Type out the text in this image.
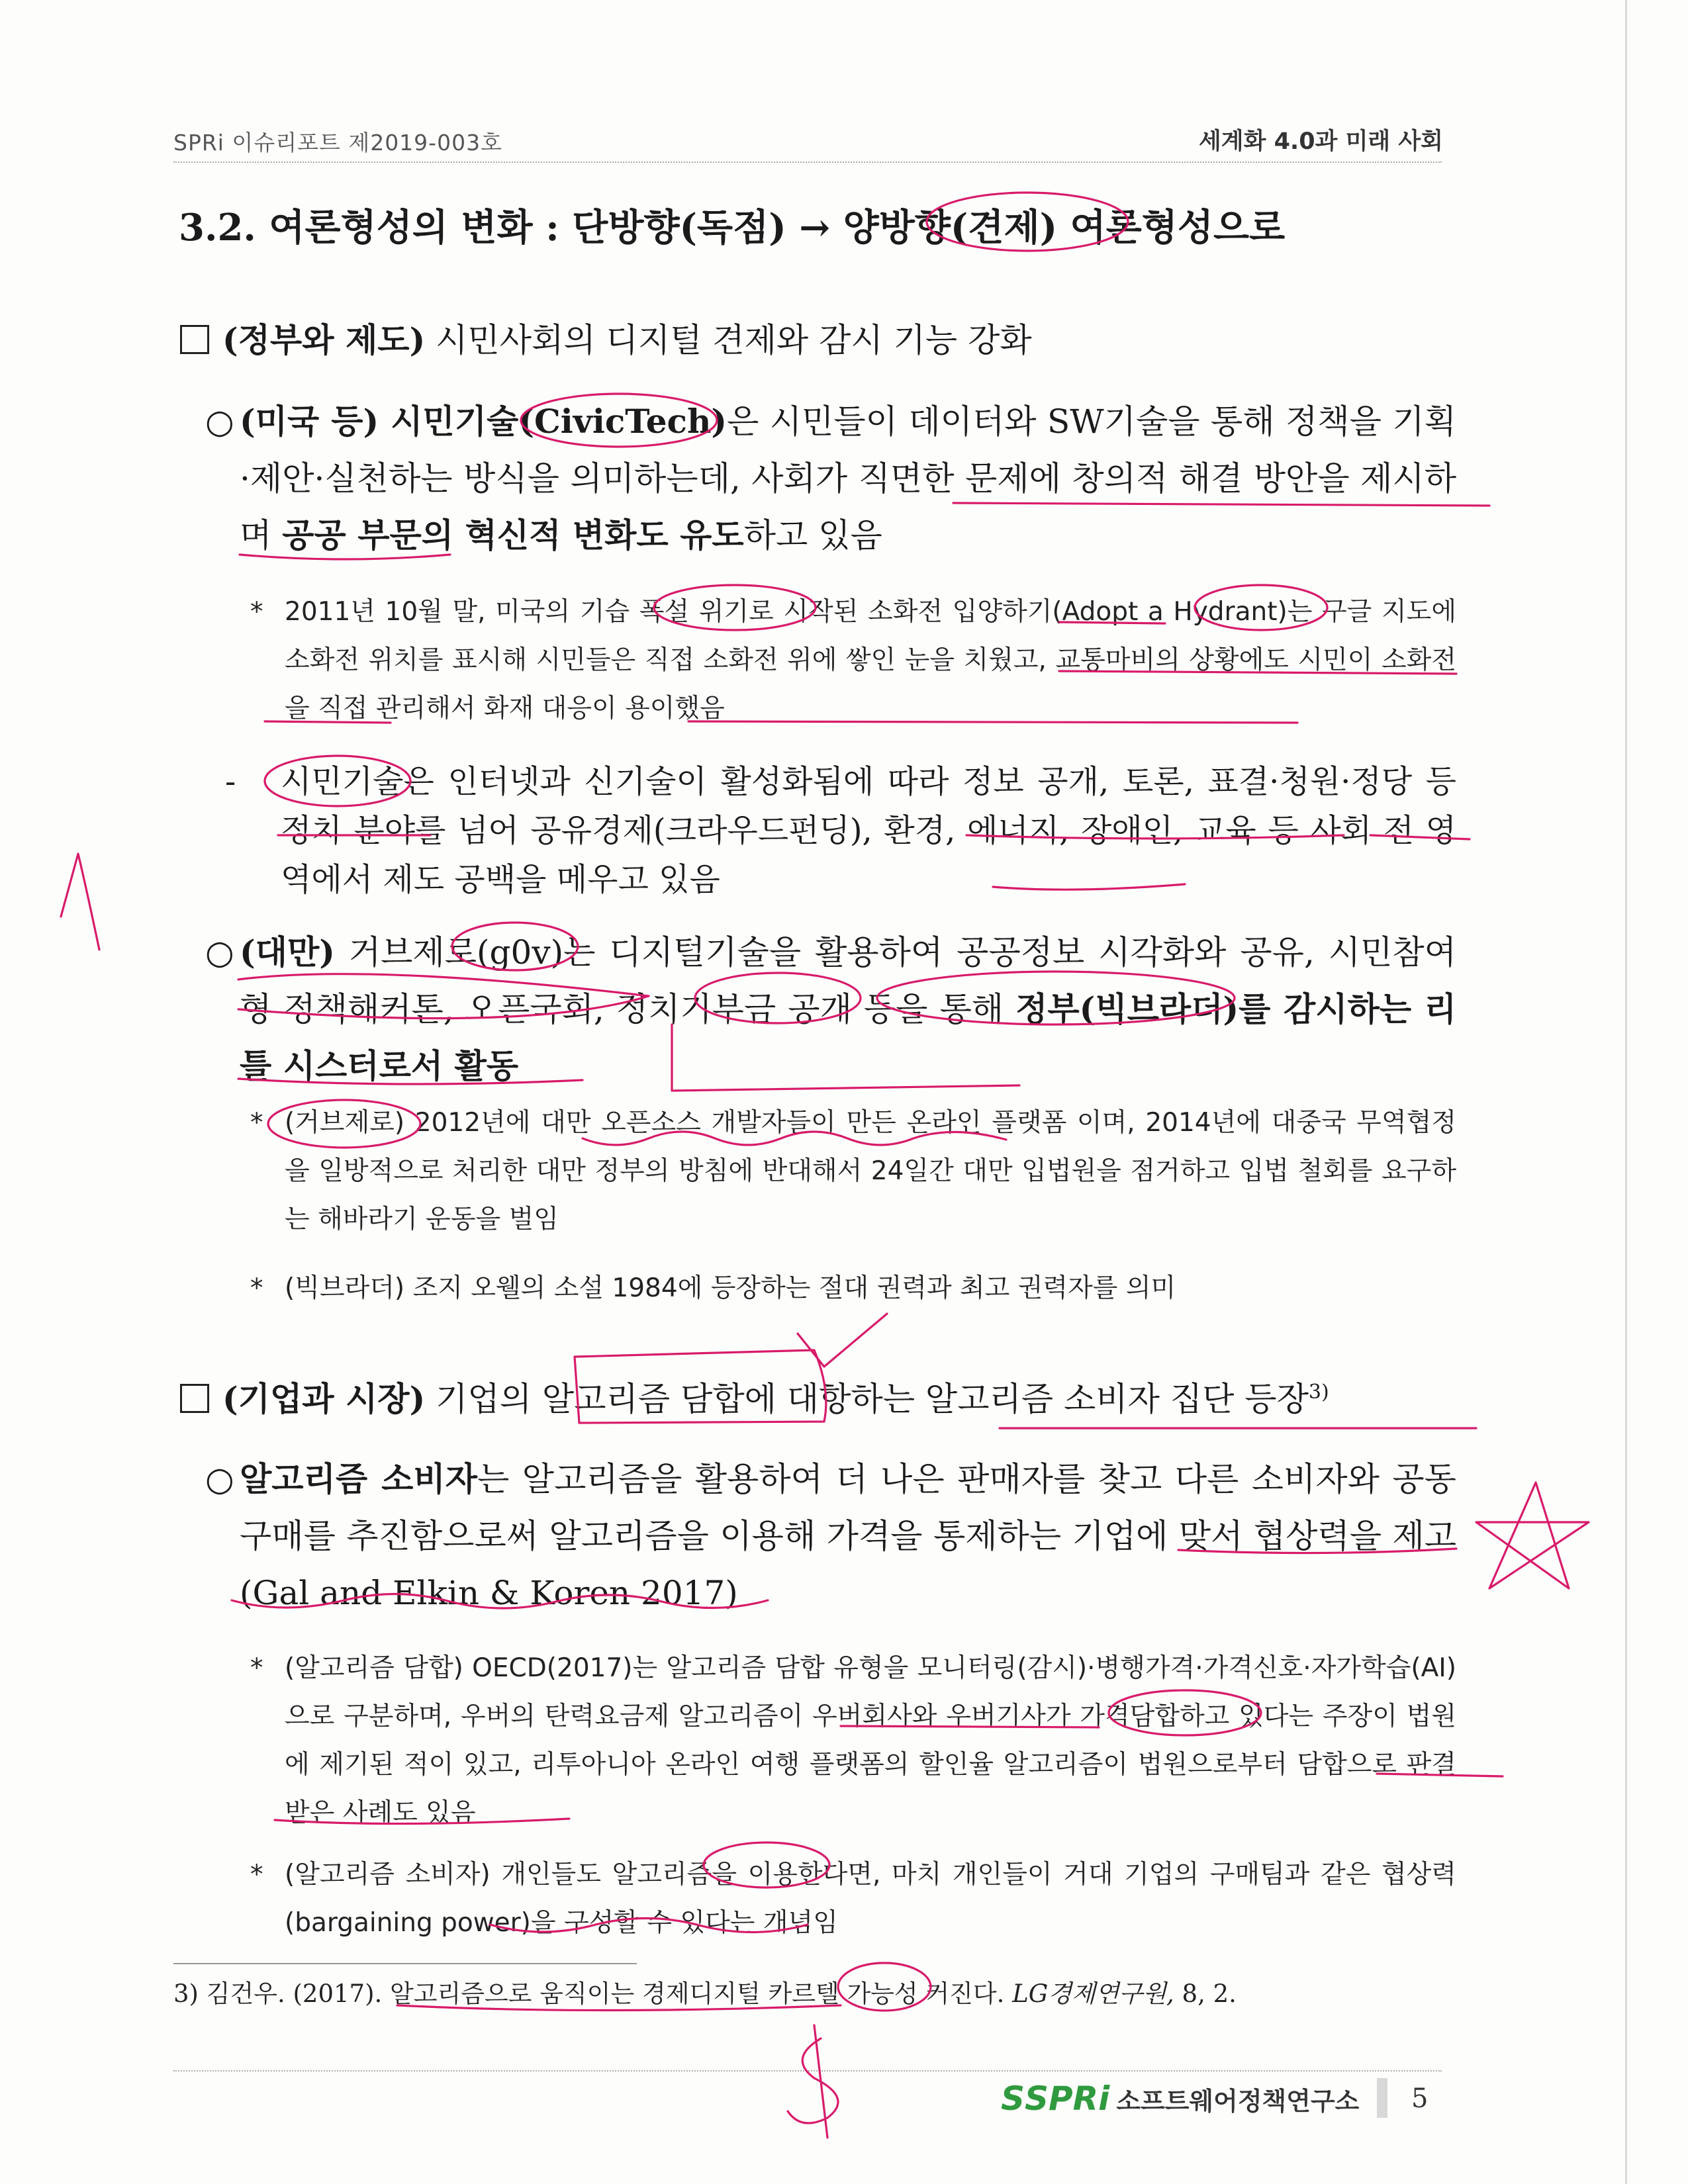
SPRi 이슈리포트 제2019-003호	세계화 4.0과 미래 사회
3.2. 여론형성의 변화 : 단방향(독점) → 양방향(견제) 여론형성으로
(정부와 제도) 시민사회의 디지털 견제와 감시 기능 강화
○ (미국 등) 시민기술(CivicTech)은 시민들이 데이터와 SW기술을 통해 정책을 기획·제안·실천하는 방식을 의미하는데, 사회가 직면한 문제에 창의적 해결 방안을 제시하며 공공 부문의 혁신적 변화도 유도하고 있음
* 2011년 10월 말, 미국의 기습 폭설 위기로 시작된 소화전 입양하기(Adopt a Hydrant)는 구글 지도에 소화전 위치를 표시해 시민들은 직접 소화전 위에 쌓인 눈을 치웠고, 교통마비의 상황에도 시민이 소화전을 직접 관리해서 화재 대응이 용이했음
- 시민기술은 인터넷과 신기술이 활성화됨에 따라 정보 공개, 토론, 표결·청원·정당 등 정치 분야를 넘어 공유경제(크라우드펀딩), 환경, 에너지, 장애인, 교육 등 사회 전 영역에서 제도 공백을 메우고 있음
○ (대만) 거브제로(g0v)는 디지털기술을 활용하여 공공정보 시각화와 공유, 시민참여형 정책해커톤, 오픈국회, 정치기부금 공개 등을 통해 정부(빅브라더)를 감시하는 리틀 시스터로서 활동
* (거브제로) 2012년에 대만 오픈소스 개발자들이 만든 온라인 플랫폼 이며, 2014년에 대중국 무역협정을 일방적으로 처리한 대만 정부의 방침에 반대해서 24일간 대만 입법원을 점거하고 입법 철회를 요구하는 해바라기 운동을 벌임
* (빅브라더) 조지 오웰의 소설 1984에 등장하는 절대 권력과 최고 권력자를 의미
(기업과 시장) 기업의 알고리즘 담합에 대항하는 알고리즘 소비자 집단 등장$^{3)}$
○ 알고리즘 소비자는 알고리즘을 활용하여 더 나은 판매자를 찾고 다른 소비자와 공동구매를 추진함으로써 알고리즘을 이용해 가격을 통제하는 기업에 맞서 협상력을 제고(Gal and Elkin & Koren 2017)
* (알고리즘 담합) OECD(2017)는 알고리즘 담합 유형을 모니터링(감시)·병행가격·가격신호·자가학습(AI)으로 구분하며, 우버의 탄력요금제 알고리즘이 우버회사와 우버기사가 가격담합하고 있다는 주장이 법원에 제기된 적이 있고, 리투아니아 온라인 여행 플랫폼의 할인율 알고리즘이 법원으로부터 담합으로 판결 받은 사례도 있음
* (알고리즘 소비자) 개인들도 알고리즘을 이용한다면, 마치 개인들이 거대 기업의 구매팀과 같은 협상력(bargaining power)을 구성할 수 있다는 개념임
3) 김건우. (2017). 알고리즘으로 움직이는 경제디지털 카르텔 가능성 커진다. LG경제연구원, 8, 2.
S SPRi 소프트웨어정책연구소 5
